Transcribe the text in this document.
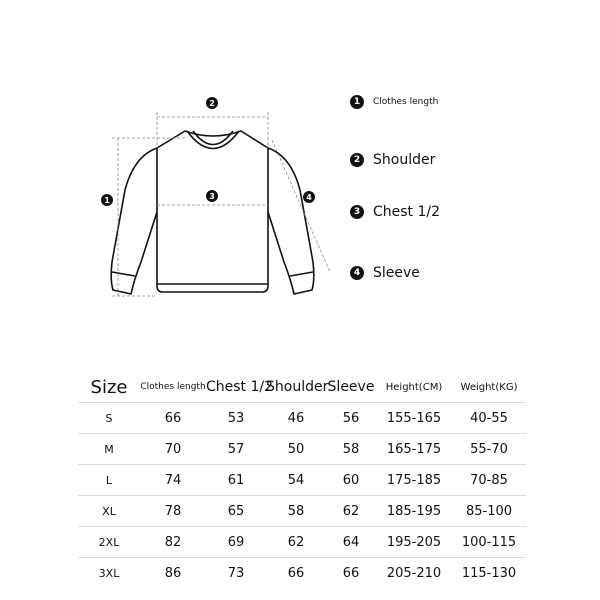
1
2
3	4
1	Clothes length
2 Shoulder
3 Chest 1/2
4 Sleeve
Size	Clothes length	Chest 1/2	Shoulder	Sleeve	Height(CM)	Weight(KG)
S	66	53	46	56	155-165	40-55
M	70	57	50	58	165-175	55-70
L	74	61	54	60	175-185	70-85
XL	78	65	58	62	185-195	85-100
2XL	82	69	62	64	195-205	100-115
3XL	86	73	66	66	205-210	115-130
